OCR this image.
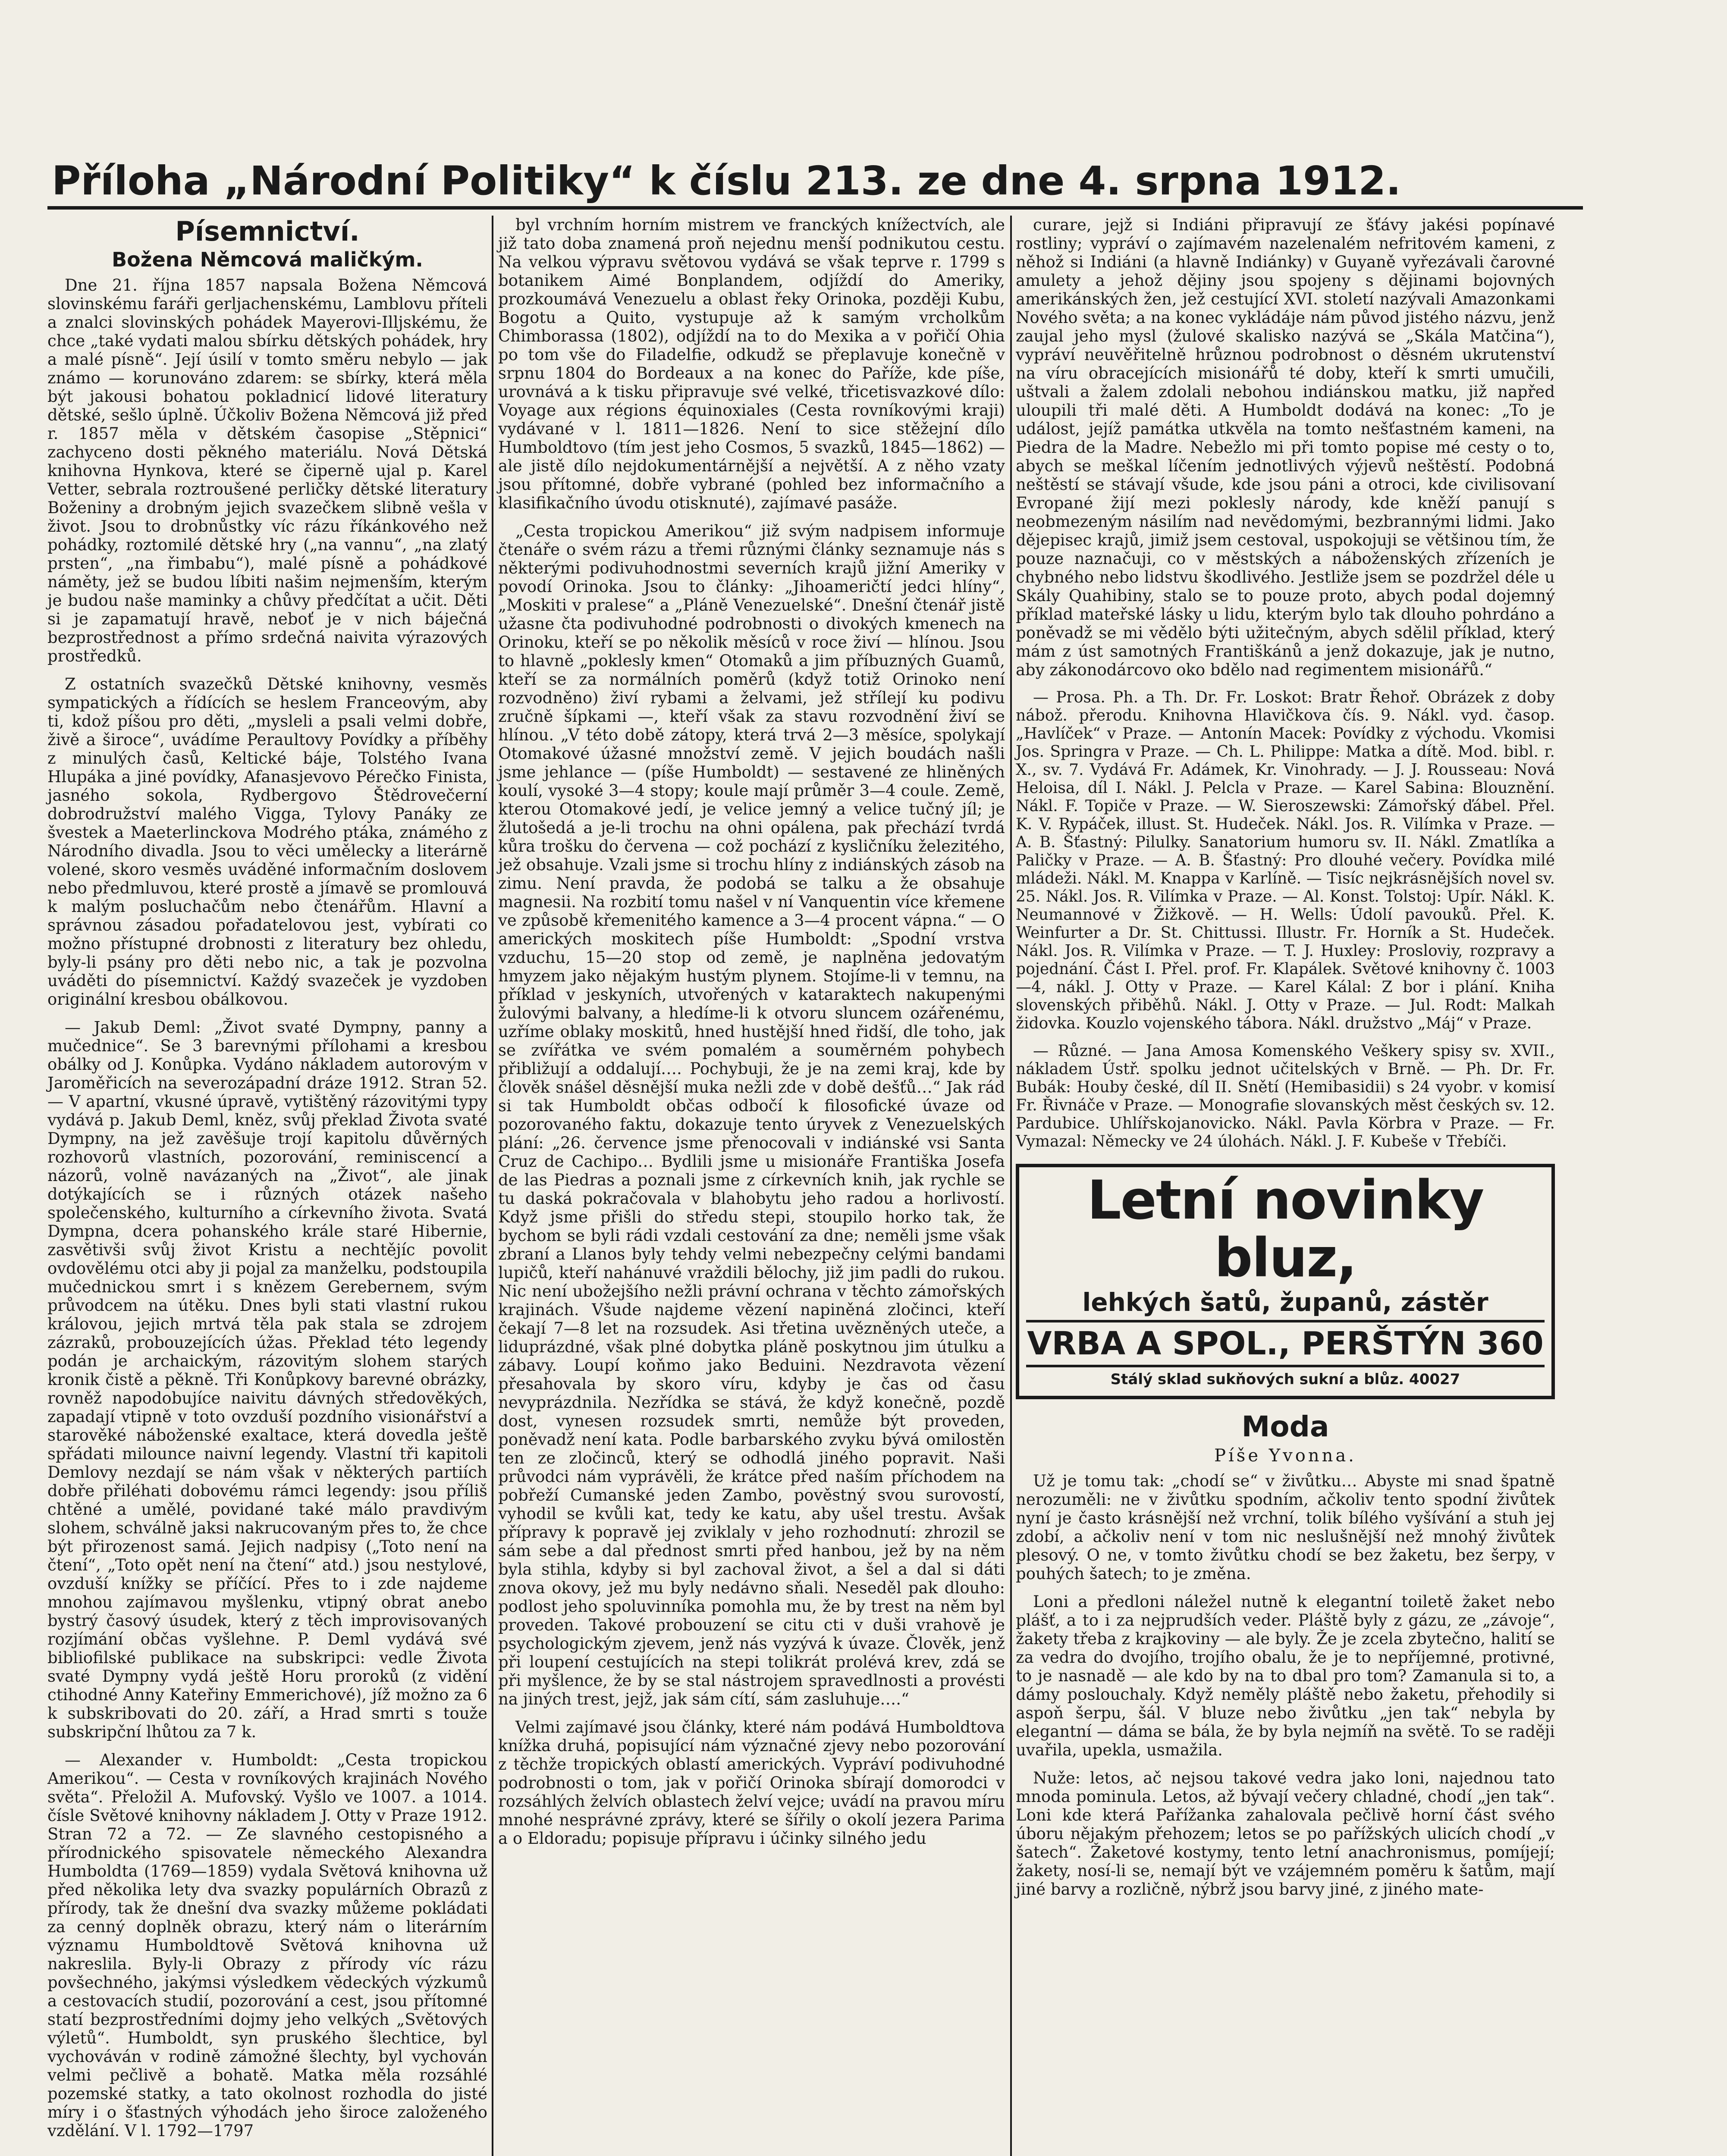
Příloha „Národní Politiky“ k číslu 213. ze dne 4. srpna 1912.
Písemnictví.
Božena Němcová maličkým.

Dne 21. října 1857 napsala Božena Němcová slovinskému faráři gerljachenskému, Lamblovu příteli a znalci slovinských pohádek Mayerovi-Illjskému, že chce „také vydati malou sbírku dětských pohádek, hry a malé písně“. Její úsilí v tomto směru nebylo — jak známo — korunováno zdarem: se sbírky, která měla být jakousi bohatou pokladnicí lidové literatury dětské, sešlo úplně. Účkoliv Božena Němcová již před r. 1857 měla v dětském časopise „Stěpnici“ zachyceno dosti pěkného materiálu. Nová Dětská knihovna Hynkova, které se čiperně ujal p. Karel Vetter, sebrala roztroušené perličky dětské literatury Boženiny a drobným jejich svazečkem slibně vešla v život. Jsou to drobnůstky víc rázu říkánkového než pohádky, roztomilé dětské hry („na vannu“, „na zlatý prsten“, „na řimbabu“), malé písně a pohádkové náměty, jež se budou líbiti našim nejmenším, kterým je budou naše maminky a chůvy předčítat a učit. Děti si je zapamatují hravě, neboť je v nich báječná bezprostřednost a přímo srdečná naivita výrazových prostředků.

Z ostatních svazečků Dětské knihovny, vesměs sympatických a řídících se heslem Franceovým, aby ti, kdož píšou pro děti, „mysleli a psali velmi dobře, živě a široce“, uvádíme Peraultovy Povídky a příběhy z minulých časů, Keltické báje, Tolstého Ivana Hlupáka a jiné povídky, Afanasjevovo Pérečko Finista, jasného sokola, Rydbergovo Štědrovečerní dobrodružství malého Vigga, Tylovy Panáky ze švestek a Maeterlinckova Modrého ptáka, známého z Národního divadla. Jsou to věci umělecky a literárně volené, skoro vesměs uváděné informačním doslovem nebo předmluvou, které prostě a jímavě se promlouvá k malým posluchačům nebo čtenářům. Hlavní a správnou zásadou pořadatelovou jest, vybírati co možno přístupné drobnosti z literatury bez ohledu, byly-li psány pro děti nebo nic, a tak je pozvolna uváděti do písemnictví. Každý svazeček je vyzdoben originální kresbou obálkovou.

— Jakub Deml: „Život svaté Dympny, panny a mučednice“. Se 3 barevnými přílohami a kresbou obálky od J. Konůpka. Vydáno nákladem autorovým v Jaroměřicích na severozápadní dráze 1912. Stran 52. — V apartní, vkusné úpravě, vytištěný rázovitými typy vydává p. Jakub Deml, kněz, svůj překlad Života svaté Dympny, na jež zavěšuje trojí kapitolu důvěrných rozhovorů vlastních, pozorování, reminiscencí a názorů, volně navázaných na „Život“, ale jinak dotýkajících se i různých otázek našeho společenského, kulturního a církevního života. Svatá Dympna, dcera pohanského krále staré Hibernie, zasvětivši svůj život Kristu a nechtějíc povolit ovdovělému otci aby ji pojal za manželku, podstoupila mučednickou smrt i s knězem Gerebernem, svým průvodcem na útěku. Dnes byli stati vlastní rukou královou, jejich mrtvá těla pak stala se zdrojem zázraků, probouzejících úžas. Překlad této legendy podán je archaickým, rázovitým slohem starých kronik čistě a pěkně. Tři Konůpkovy barevné obrázky, rovněž napodobujíce naivitu dávných středověkých, zapadají vtipně v toto ovzduší pozdního visionářství a starověké náboženské exaltace, která dovedla ještě spřádati milounce naivní legendy. Vlastní tři kapitoli Demlovy nezdají se nám však v některých partiích dobře přiléhati dobovému rámci legendy: jsou příliš chtěné a umělé, povidané také málo pravdivým slohem, schválně jaksi nakrucovaným přes to, že chce být přirozenost samá. Jejich nadpisy („Toto není na čtení“, „Toto opět není na čtení“ atd.) jsou nestylové, ovzduší knížky se příčící. Přes to i zde najdeme mnohou zajímavou myšlenku, vtipný obrat anebo bystrý časový úsudek, který z těch improvisovaných rozjímání občas vyšlehne. P. Deml vydává své bibliofilské publikace na subskripci: vedle Života svaté Dympny vydá ještě Horu proroků (z vidění ctihodné Anny Kateřiny Emmerichové), jíž možno za 6 k subskribovati do 20. září, a Hrad smrti s touže subskripční lhůtou za 7 k.

— Alexander v. Humboldt: „Cesta tropickou Amerikou“. — Cesta v rovníkových krajinách Nového světa“. Přeložil A. Mufovský. Vyšlo ve 1007. a 1014. čísle Světové knihovny nákladem J. Otty v Praze 1912. Stran 72 a 72. — Ze slavného cestopisného a přírodnického spisovatele německého Alexandra Humboldta (1769—1859) vydala Světová knihovna už před několika lety dva svazky populárních Obrazů z přírody, tak že dnešní dva svazky můžeme pokládati za cenný doplněk obrazu, který nám o literárním významu Humboldtově Světová knihovna už nakreslila. Byly-li Obrazy z přírody víc rázu povšechného, jakýmsi výsledkem vědeckých výzkumů a cestovacích studií, pozorování a cest, jsou přítomné statí bezprostředními dojmy jeho velkých „Světových výletů“. Humboldt, syn pruského šlechtice, byl vychováván v rodině zámožné šlechty, byl vychován velmi pečlivě a bohatě. Matka měla rozsáhlé pozemské statky, a tato okolnost rozhodla do jisté míry i o šťastných výhodách jeho široce založeného vzdělání. V l. 1792—1797

byl vrchním horním mistrem ve franckých knížectvích, ale již tato doba znamená proň nejednu menší podnikutou cestu. Na velkou výpravu světovou vydává se však teprve r. 1799 s botanikem Aimé Bonplandem, odjíždí do Ameriky, prozkoumává Venezuelu a oblast řeky Orinoka, později Kubu, Bogotu a Quito, vystupuje až k samým vrcholkům Chimborassa (1802), odjíždí na to do Mexika a v pořičí Ohia po tom vše do Filadelfie, odkudž se přeplavuje konečně v srpnu 1804 do Bordeaux a na konec do Paříže, kde píše, urovnává a k tisku připravuje své velké, třicetisvazkové dílo: Voyage aux régions équinoxiales (Cesta rovníkovými kraji) vydávané v l. 1811—1826. Není to sice stěžejní dílo Humboldtovo (tím jest jeho Cosmos, 5 svazků, 1845—1862) — ale jistě dílo nejdokumentárnější a největší. A z něho vzaty jsou přítomné, dobře vybrané (pohled bez informačního a klasifikačního úvodu otisknuté), zajímavé pasáže.

„Cesta tropickou Amerikou“ již svým nadpisem informuje čtenáře o svém rázu a třemi různými články seznamuje nás s některými podivuhodnostmi severních krajů jižní Ameriky v povodí Orinoka. Jsou to články: „Jihoameričtí jedci hlíny“, „Moskiti v pralese“ a „Pláně Venezuelské“. Dnešní čtenář jistě užasne čta podivuhodné podrobnosti o divokých kmenech na Orinoku, kteří se po několik měsíců v roce živí — hlínou. Jsou to hlavně „poklesly kmen“ Otomaků a jim příbuzných Guamů, kteří se za normálních poměrů (když totiž Orinoko není rozvodněno) živí rybami a želvami, jež střílejí ku podivu zručně šípkami —, kteří však za stavu rozvodnění živí se hlínou. „V této době zátopy, která trvá 2—3 měsíce, spolykají Otomakové úžasné množství země. V jejich boudách našli jsme jehlance — (píše Humboldt) — sestavené ze hliněných koulí, vysoké 3—4 stopy; koule mají průměr 3—4 coule. Země, kterou Otomakové jedí, je velice jemný a velice tučný jíl; je žlutošedá a je-li trochu na ohni opálena, pak přechází tvrdá kůra trošku do červena — což pochází z kysličníku železitého, jež obsahuje. Vzali jsme si trochu hlíny z indiánských zásob na zimu. Není pravda, že podobá se talku a že obsahuje magnesii. Na rozbití tomu našel v ní Vanquentin více křemene ve způsobě křemenitého kamence a 3—4 procent vápna.“ — O amerických moskitech píše Humboldt: „Spodní vrstva vzduchu, 15—20 stop od země, je naplněna jedovatým hmyzem jako nějakým hustým plynem. Stojíme-li v temnu, na příklad v jeskyních, utvořených v kataraktech nakupenými žulovými balvany, a hledíme-li k otvoru sluncem ozářenému, uzříme oblaky moskitů, hned hustější hned řidší, dle toho, jak se zvířátka ve svém pomalém a souměrném pohybech přibližují a oddalují…. Pochybuji, že je na zemi kraj, kde by člověk snášel děsnější muka nežli zde v době dešťů…“ Jak rád si tak Humboldt občas odbočí k filosofické úvaze od pozorovaného faktu, dokazuje tento úryvek z Venezuelských plání: „26. července jsme přenocovali v indiánské vsi Santa Cruz de Cachipo… Bydlili jsme u misionáře Františka Josefa de las Piedras a poznali jsme z církevních knih, jak rychle se tu daská pokračovala v blahobytu jeho radou a horlivostí. Když jsme přišli do středu stepi, stoupilo horko tak, že bychom se byli rádi vzdali cestování za dne; neměli jsme však zbraní a Llanos byly tehdy velmi nebezpečny celými bandami lupičů, kteří nahánuvé vraždili bělochy, již jim padli do rukou. Nic není ubožejšího nežli právní ochrana v těchto zámořských krajinách. Všude najdeme vězení napiněná zločinci, kteří čekají 7—8 let na rozsudek. Asi třetina uvězněných uteče, a liduprázdné, však plné dobytka pláně poskytnou jim útulku a zábavy. Loupí koňmo jako Beduini. Nezdravota vězení přesahovala by skoro víru, kdyby je čas od času nevyprázdnila. Nezřídka se stává, že když konečně, pozdě dost, vynesen rozsudek smrti, nemůže být proveden, poněvadž není kata. Podle barbarského zvyku bývá omilostěn ten ze zločinců, který se odhodlá jiného popravit. Naši průvodci nám vyprávěli, že krátce před naším příchodem na pobřeží Cumanské jeden Zambo, pověstný svou surovostí, vyhodil se kvůli kat, tedy ke katu, aby ušel trestu. Avšak přípravy k popravě jej zviklaly v jeho rozhodnutí: zhrozil se sám sebe a dal přednost smrti před hanbou, jež by na něm byla stihla, kdyby si byl zachoval život, a šel a dal si dáti znova okovy, jež mu byly nedávno sňali. Neseděl pak dlouho: podlost jeho spoluvinníka pomohla mu, že by trest na něm byl proveden. Takové probouzení se citu cti v duši vrahově je psychologickým zjevem, jenž nás vyzývá k úvaze. Člověk, jenž při loupení cestujících na stepi tolikrát prolévá krev, zdá se při myšlence, že by se stal nástrojem spravedlnosti a provésti na jiných trest, jejž, jak sám cítí, sám zasluhuje….“

Velmi zajímavé jsou články, které nám podává Humboldtova knížka druhá, popisující nám význačné zjevy nebo pozorování z těchže tropických oblastí amerických. Vypráví podivuhodné podrobnosti o tom, jak v pořičí Orinoka sbírají domorodci v rozsáhlých želvích oblastech želví vejce; uvádí na pravou míru mnohé nesprávné zprávy, které se šířily o okolí jezera Parima a o Eldoradu; popisuje přípravu i účinky silného jedu

curare, jejž si Indiáni připravují ze šťávy jakési popínavé rostliny; vypráví o zajímavém nazelenalém nefritovém kameni, z něhož si Indiáni (a hlavně Indiánky) v Guyaně vyřezávali čarovné amulety a jehož dějiny jsou spojeny s dějinami bojovných amerikánských žen, jež cestující XVI. století nazývali Amazonkami Nového světa; a na konec vykládáje nám původ jistého názvu, jenž zaujal jeho mysl (žulové skalisko nazývá se „Skála Matčina“), vypráví neuvěřitelně hrůznou podrobnost o děsném ukrutenství na víru obracejících misionářů té doby, kteří k smrti umučili, uštvali a žalem zdolali nebohou indiánskou matku, již napřed uloupili tři malé děti. A Humboldt dodává na konec: „To je událost, jejíž památka utkvěla na tomto nešťastném kameni, na Piedra de la Madre. Nebežlo mi při tomto popise mé cesty o to, abych se meškal líčením jednotlivých výjevů neštěstí. Podobná neštěstí se stávají všude, kde jsou páni a otroci, kde civilisovaní Evropané žijí mezi poklesly národy, kde kněží panují s neobmezeným násilím nad nevědomými, bezbrannými lidmi. Jako dějepisec krajů, jimiž jsem cestoval, uspokojuji se většinou tím, že pouze naznačuji, co v městských a náboženských zřízeních je chybného nebo lidstvu škodlivého. Jestliže jsem se pozdržel déle u Skály Quahibiny, stalo se to pouze proto, abych podal dojemný příklad mateřské lásky u lidu, kterým bylo tak dlouho pohrdáno a poněvadž se mi vědělo býti užitečným, abych sdělil příklad, který mám z úst samotných Františkánů a jenž dokazuje, jak je nutno, aby zákonodárcovo oko bdělo nad regimentem misionářů.“

— Prosa. Ph. a Th. Dr. Fr. Loskot: Bratr Řehoř. Obrázek z doby nábož. přerodu. Knihovna Hlavičkova čís. 9. Nákl. vyd. časop. „Havlíček“ v Praze. — Antonín Macek: Povídky z východu. Vkomisi Jos. Springra v Praze. — Ch. L. Philippe: Matka a dítě. Mod. bibl. r. X., sv. 7. Vydává Fr. Adámek, Kr. Vinohrady. — J. J. Rousseau: Nová Heloisa, díl I. Nákl. J. Pelcla v Praze. — Karel Sabina: Blouznění. Nákl. F. Topiče v Praze. — W. Sieroszewski: Zámořský ďábel. Přel. K. V. Rypáček, illust. St. Hudeček. Nákl. Jos. R. Vilímka v Praze. — A. B. Šťastný: Pilulky. Sanatorium humoru sv. II. Nákl. Zmatlíka a Paličky v Praze. — A. B. Šťastný: Pro dlouhé večery. Povídka milé mládeži. Nákl. M. Knappa v Karlíně. — Tisíc nejkrásnějších novel sv. 25. Nákl. Jos. R. Vilímka v Praze. — Al. Konst. Tolstoj: Upír. Nákl. K. Neumannové v Žižkově. — H. Wells: Údolí pavouků. Přel. K. Weinfurter a Dr. St. Chittussi. Illustr. Fr. Horník a St. Hudeček. Nákl. Jos. R. Vilímka v Praze. — T. J. Huxley: Prosloviy, rozpravy a pojednání. Část I. Přel. prof. Fr. Klapálek. Světové knihovny č. 1003—4, nákl. J. Otty v Praze. — Karel Kálal: Z bor i plání. Kniha slovenských přiběhů. Nákl. J. Otty v Praze. — Jul. Rodt: Malkah židovka. Kouzlo vojenského tábora. Nákl. družstvo „Máj“ v Praze.

— Různé. — Jana Amosa Komenského Veškery spisy sv. XVII., nákladem Ústř. spolku jednot učitelských v Brně. — Ph. Dr. Fr. Bubák: Houby české, díl II. Snětí (Hemibasidii) s 24 vyobr. v komisí Fr. Řivnáče v Praze. — Monografie slovanských měst českých sv. 12. Pardubice. Uhlířskojanovicko. Nákl. Pavla Körbra v Praze. — Fr. Vymazal: Německy ve 24 úlohách. Nákl. J. F. Kubeše v Třebíči.

Letní novinky bluz,
lehkých šatů, županů, zástěr
VRBA A SPOL., PERŠTÝN 360
Stálý sklad sukňových sukní a blůz. 40027
Moda
Píše Yvonna.

Už je tomu tak: „chodí se“ v živůtku… Abyste mi snad špatně nerozuměli: ne v živůtku spodním, ačkoliv tento spodní živůtek nyní je často krásnější než vrchní, tolik bílého vyšívání a stuh jej zdobí, a ačkoliv není v tom nic neslušnější než mnohý živůtek plesový. O ne, v tomto živůtku chodí se bez žaketu, bez šerpy, v pouhých šatech; to je změna.

Loni a předloni náležel nutně k elegantní toiletě žaket nebo plášť, a to i za nejprudších veder. Pláště byly z gázu, ze „závoje“, žakety třeba z krajkoviny — ale byly. Že je zcela zbytečno, halití se za vedra do dvojího, trojího obalu, že je to nepříjemné, protivné, to je nasnadě — ale kdo by na to dbal pro tom? Zamanula si to, a dámy poslouchaly. Když neměly pláště nebo žaketu, přehodily si aspoň šerpu, šál. V bluze nebo živůtku „jen tak“ nebyla by elegantní — dáma se bála, že by byla nejmíň na světě. To se raději uvařila, upekla, usmažila.

Nuže: letos, ač nejsou takové vedra jako loni, najednou tato mnoda pominula. Letos, až bývají večery chladné, chodí „jen tak“. Loni kde která Pařížanka zahalovala pečlivě horní část svého úboru nějakým přehozem; letos se po pařížských ulicích chodí „v šatech“. Žaketové kostymy, tento letní anachronismus, pomíjejí; žakety, nosí-li se, nemají být ve vzájemném poměru k šatům, mají jiné barvy a rozličně, nýbrž jsou barvy jiné, z jiného mate-
